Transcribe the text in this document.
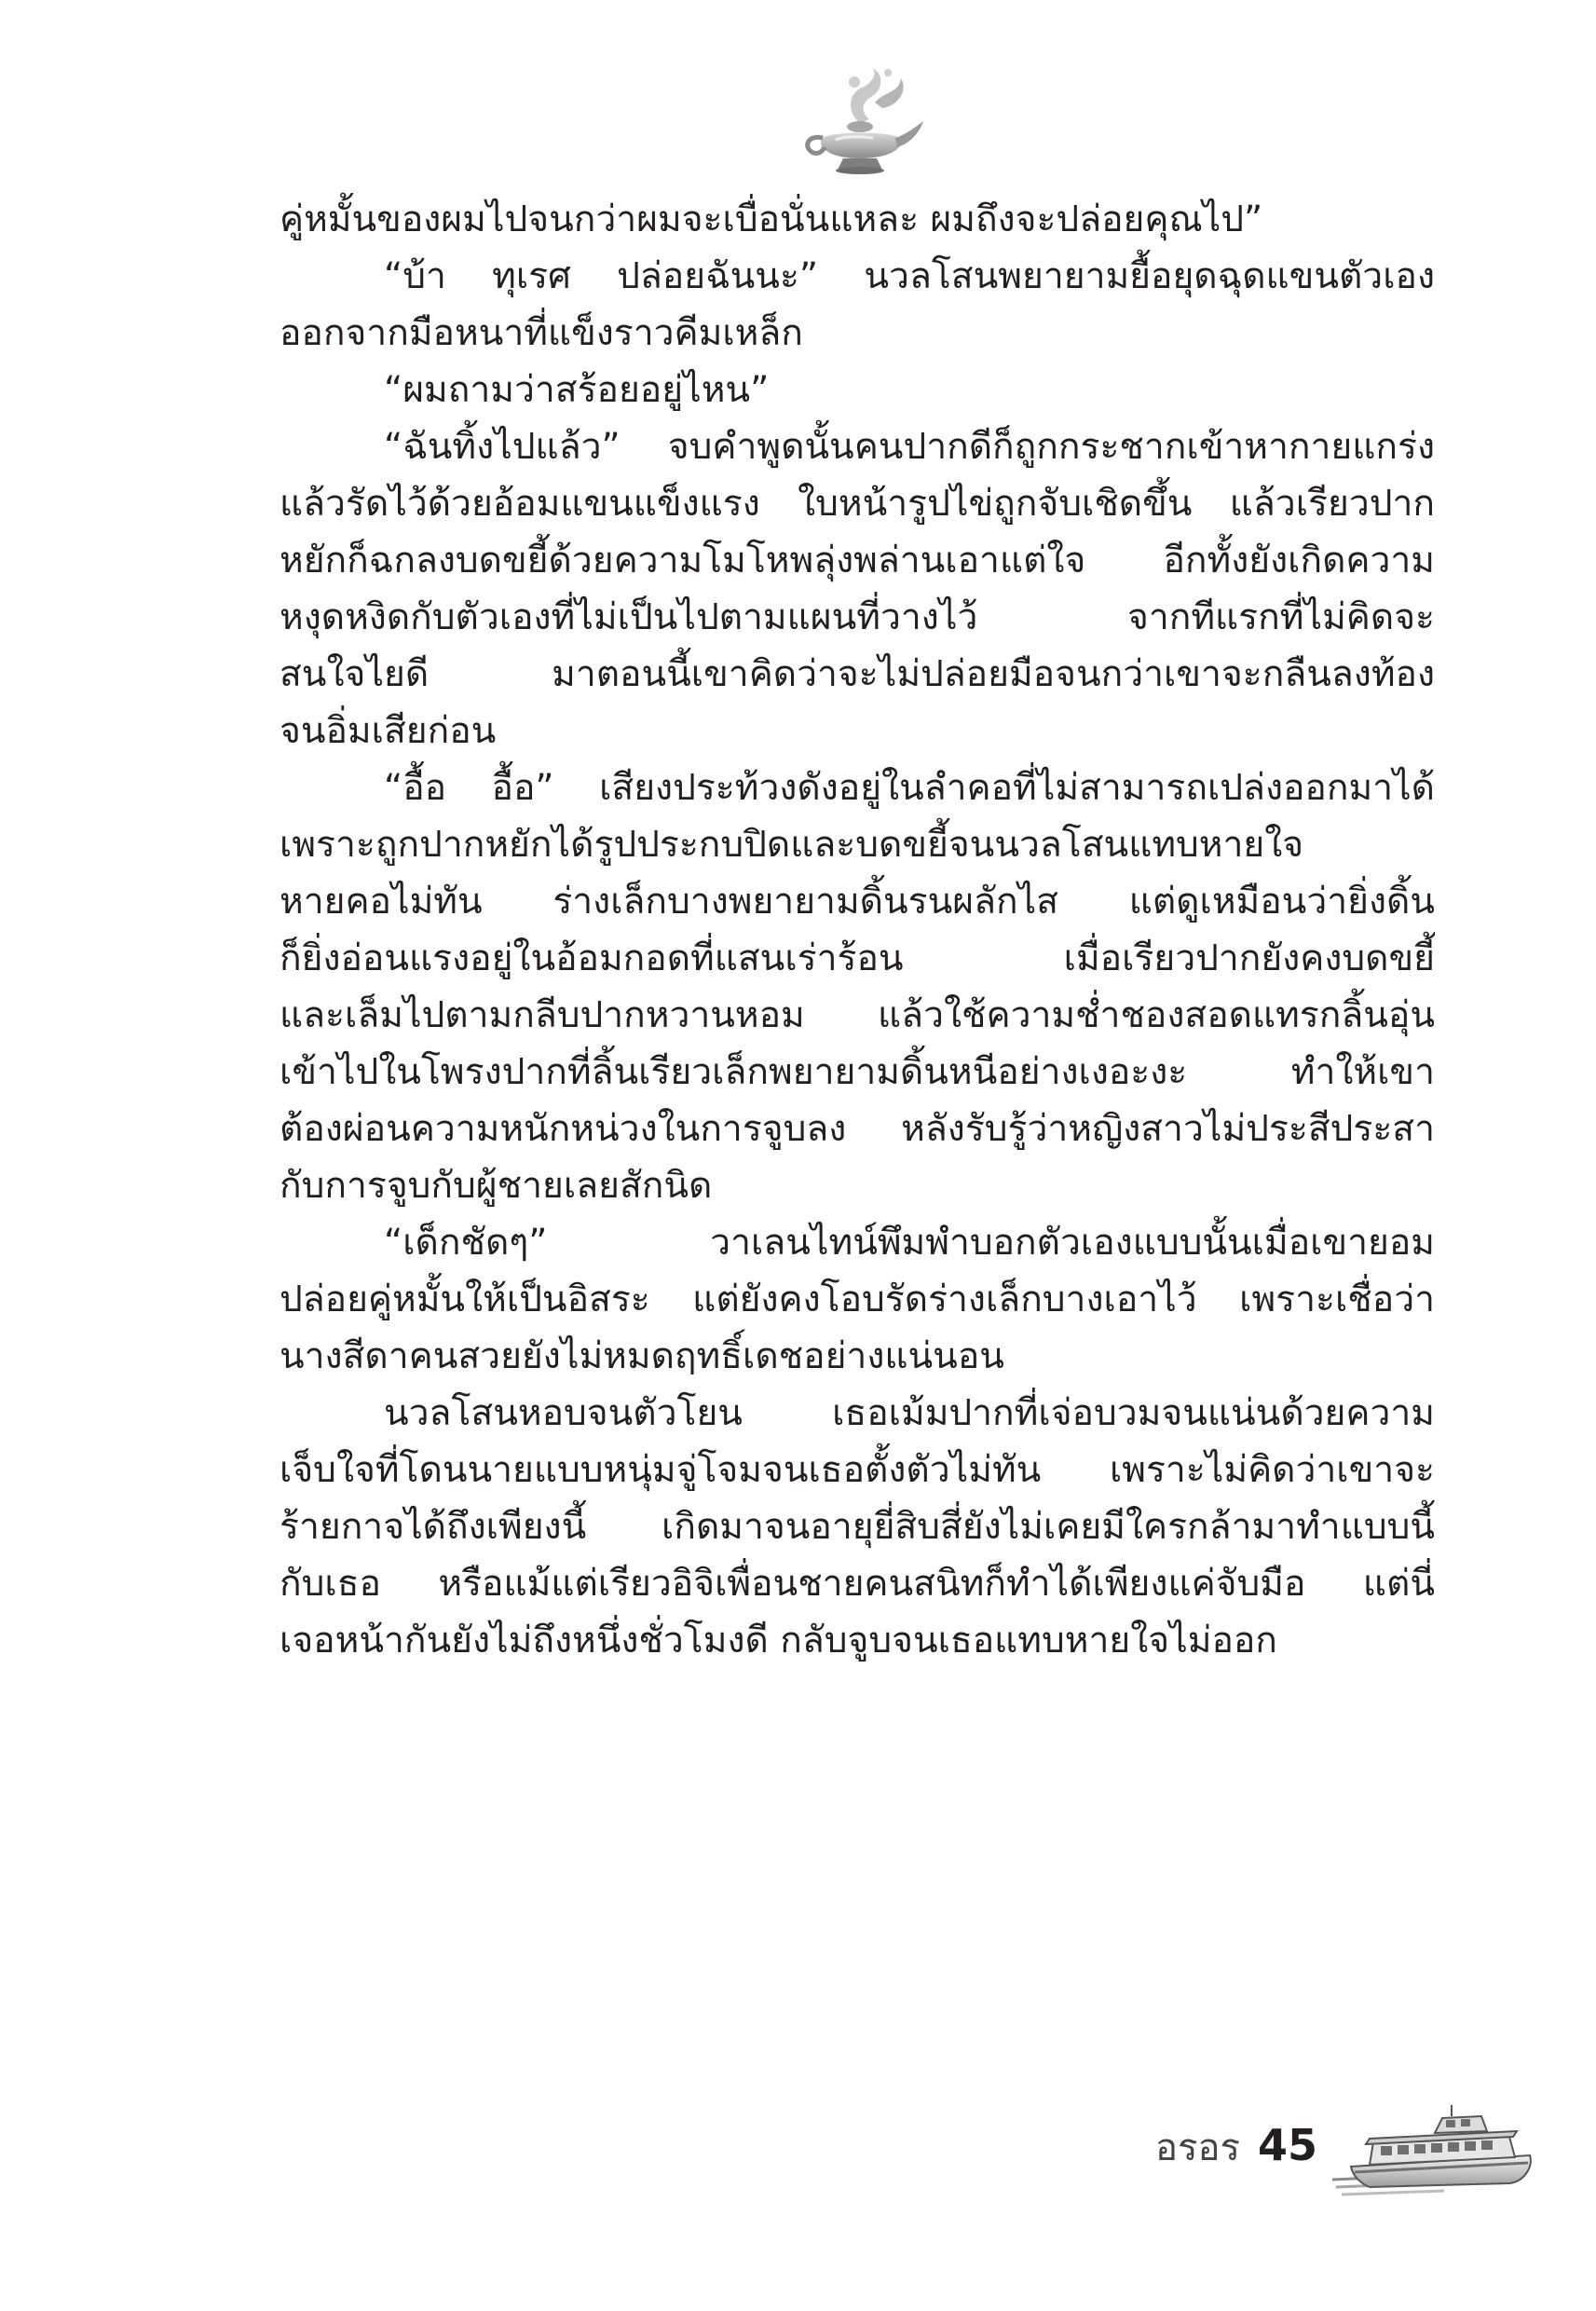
คู่หมั้นของผมไปจนกว่าผมจะเบื่อนั่นแหละ ผมถึงจะปล่อยคุณไป”
“บ้า ทุเรศ ปล่อยฉันนะ” นวลโสนพยายามยื้อยุดฉุดแขนตัวเอง
ออกจากมือหนาที่แข็งราวคีมเหล็ก
“ผมถามว่าสร้อยอยู่ไหน”
“ฉันทิ้งไปแล้ว” จบคำพูดนั้นคนปากดีก็ถูกกระชากเข้าหากายแกร่ง
แล้วรัดไว้ด้วยอ้อมแขนแข็งแรง ใบหน้ารูปไข่ถูกจับเชิดขึ้น แล้วเรียวปาก
หยักก็ฉกลงบดขยี้ด้วยความโมโหพลุ่งพล่านเอาแต่ใจ อีกทั้งยังเกิดความ
หงุดหงิดกับตัวเองที่ไม่เป็นไปตามแผนที่วางไว้ จากทีแรกที่ไม่คิดจะ
สนใจไยดี มาตอนนี้เขาคิดว่าจะไม่ปล่อยมือจนกว่าเขาจะกลืนลงท้อง
จนอิ่มเสียก่อน
“อื้อ อื้อ” เสียงประท้วงดังอยู่ในลำคอที่ไม่สามารถเปล่งออกมาได้
เพราะถูกปากหยักได้รูปประกบปิดและบดขยี้จนนวลโสนแทบหายใจ
หายคอไม่ทัน ร่างเล็กบางพยายามดิ้นรนผลักไส แต่ดูเหมือนว่ายิ่งดิ้น
ก็ยิ่งอ่อนแรงอยู่ในอ้อมกอดที่แสนเร่าร้อน เมื่อเรียวปากยังคงบดขยี้
และเล็มไปตามกลีบปากหวานหอม แล้วใช้ความช่ำชองสอดแทรกลิ้นอุ่น
เข้าไปในโพรงปากที่ลิ้นเรียวเล็กพยายามดิ้นหนีอย่างเงอะงะ ทำให้เขา
ต้องผ่อนความหนักหน่วงในการจูบลง หลังรับรู้ว่าหญิงสาวไม่ประสีประสา
กับการจูบกับผู้ชายเลยสักนิด
“เด็กชัดๆ” วาเลนไทน์พึมพำบอกตัวเองแบบนั้นเมื่อเขายอม
ปล่อยคู่หมั้นให้เป็นอิสระ แต่ยังคงโอบรัดร่างเล็กบางเอาไว้ เพราะเชื่อว่า
นางสีดาคนสวยยังไม่หมดฤทธิ์เดชอย่างแน่นอน
นวลโสนหอบจนตัวโยน เธอเม้มปากที่เจ่อบวมจนแน่นด้วยความ
เจ็บใจที่โดนนายแบบหนุ่มจู่โจมจนเธอตั้งตัวไม่ทัน เพราะไม่คิดว่าเขาจะ
ร้ายกาจได้ถึงเพียงนี้ เกิดมาจนอายุยี่สิบสี่ยังไม่เคยมีใครกล้ามาทำแบบนี้
กับเธอ หรือแม้แต่เรียวอิจิเพื่อนชายคนสนิทก็ทำได้เพียงแค่จับมือ แต่นี่
เจอหน้ากันยังไม่ถึงหนึ่งชั่วโมงดี กลับจูบจนเธอแทบหายใจไม่ออก
อรอร 45
